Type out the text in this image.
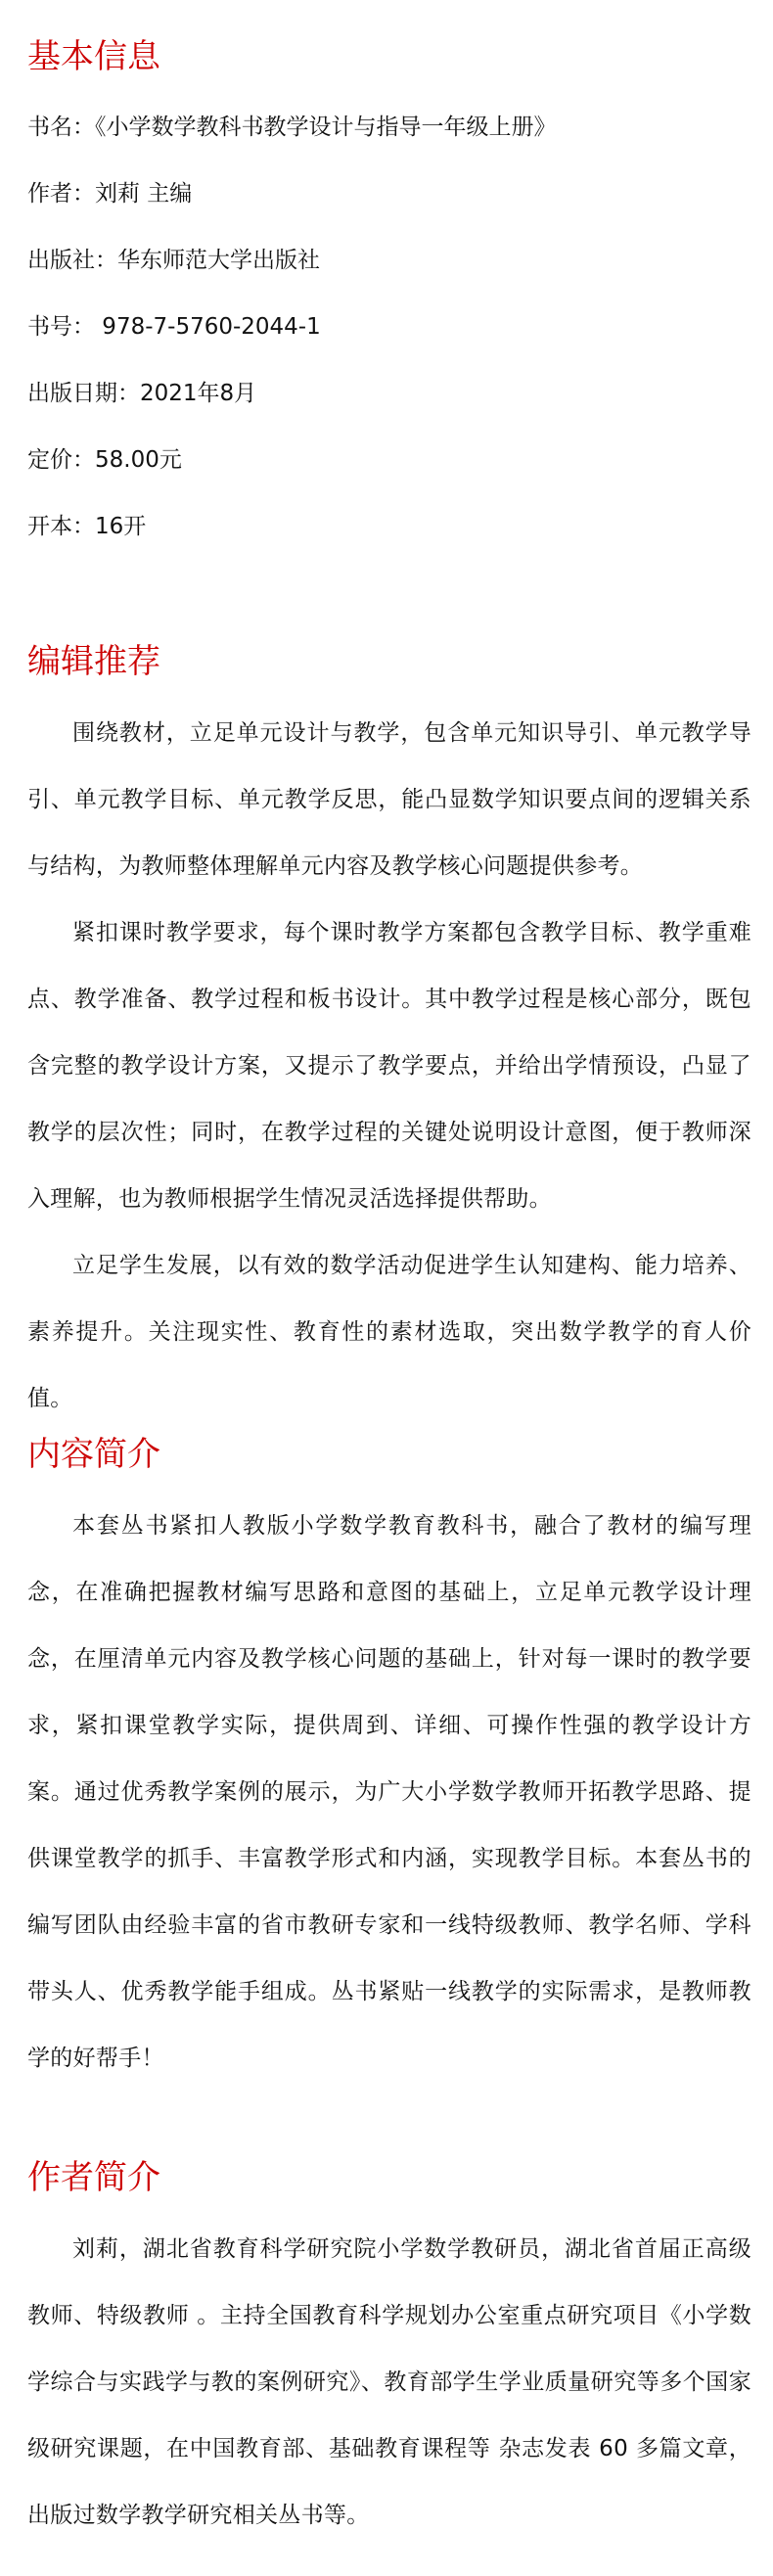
基本信息

书名：《小学数学教科书教学设计与指导一年级上册》

作者：刘莉 主编

出版社：华东师范大学出版社

书号： 978-7-5760-2044-1

出版日期：2021年8月

定价：58.00元

开本：16开

编辑推荐

围绕教材，立足单元设计与教学，包含单元知识导引、单元教学导引、单元教学目标、单元教学反思，能凸显数学知识要点间的逻辑关系与结构，为教师整体理解单元内容及教学核心问题提供参考。

紧扣课时教学要求，每个课时教学方案都包含教学目标、教学重难点、教学准备、教学过程和板书设计。其中教学过程是核心部分，既包含完整的教学设计方案，又提示了教学要点，并给出学情预设，凸显了教学的层次性；同时，在教学过程的关键处说明设计意图，便于教师深入理解，也为教师根据学生情况灵活选择提供帮助。

立足学生发展，以有效的数学活动促进学生认知建构、能力培养、素养提升。关注现实性、教育性的素材选取，突出数学教学的育人价值。

内容简介

本套丛书紧扣人教版小学数学教育教科书，融合了教材的编写理念，在准确把握教材编写思路和意图的基础上，立足单元教学设计理念，在厘清单元内容及教学核心问题的基础上，针对每一课时的教学要求，紧扣课堂教学实际，提供周到、详细、可操作性强的教学设计方案。通过优秀教学案例的展示，为广大小学数学教师开拓教学思路、提供课堂教学的抓手、丰富教学形式和内涵，实现教学目标。本套丛书的编写团队由经验丰富的省市教研专家和一线特级教师、教学名师、学科带头人、优秀教学能手组成。丛书紧贴一线教学的实际需求，是教师教学的好帮手！

作者简介

刘莉，湖北省教育科学研究院小学数学教研员，湖北省首届正高级教师、特级教师 。主持全国教育科学规划办公室重点研究项目《小学数学综合与实践学与教的案例研究》、教育部学生学业质量研究等多个国家级研究课题，在中国教育部、基础教育课程等 杂志发表 60 多篇文章，出版过数学教学研究相关丛书等。
